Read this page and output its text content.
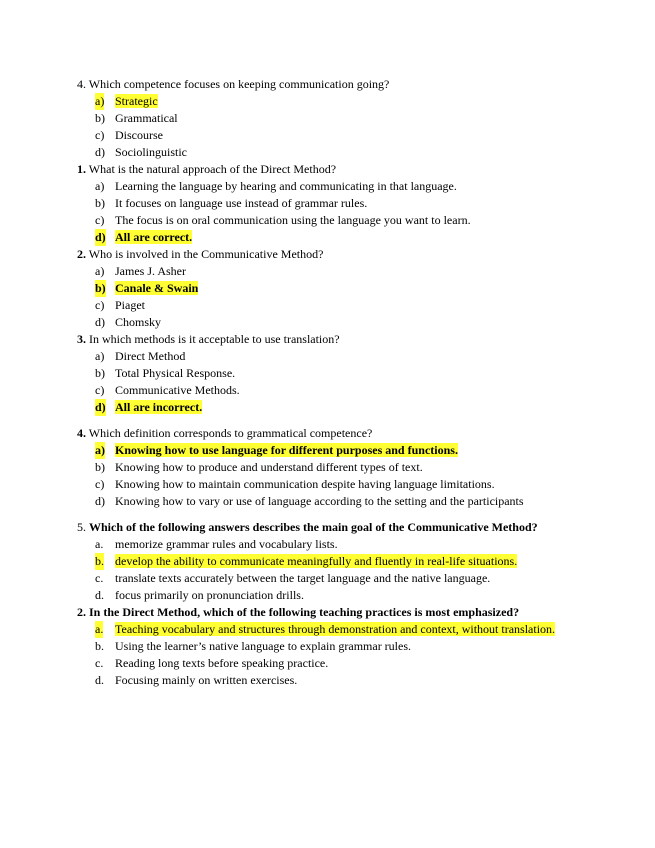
4. Which competence focuses on keeping communication going?

a) Strategic
b) Grammatical
c) Discourse
d) Sociolinguistic

1. What is the natural approach of the Direct Method?

a) Learning the language by hearing and communicating in that language.
b) It focuses on language use instead of grammar rules.
c) The focus is on oral communication using the language you want to learn.
d) All are correct.

2. Who is involved in the Communicative Method?

a) James J. Asher
b) Canale & Swain
c) Piaget
d) Chomsky

3. In which methods is it acceptable to use translation?

a) Direct Method
b) Total Physical Response.
c) Communicative Methods.
d) All are incorrect.

4. Which definition corresponds to grammatical competence?

a) Knowing how to use language for different purposes and functions.
b) Knowing how to produce and understand different types of text.
c) Knowing how to maintain communication despite having language limitations.
d) Knowing how to vary or use of language according to the setting and the participants

5. Which of the following answers describes the main goal of the Communicative Method?

a. memorize grammar rules and vocabulary lists.
b. develop the ability to communicate meaningfully and fluently in real-life situations.
c. translate texts accurately between the target language and the native language.
d. focus primarily on pronunciation drills.

2. In the Direct Method, which of the following teaching practices is most emphasized?

a. Teaching vocabulary and structures through demonstration and context, without translation.
b. Using the learner’s native language to explain grammar rules.
c. Reading long texts before speaking practice.
d. Focusing mainly on written exercises.
